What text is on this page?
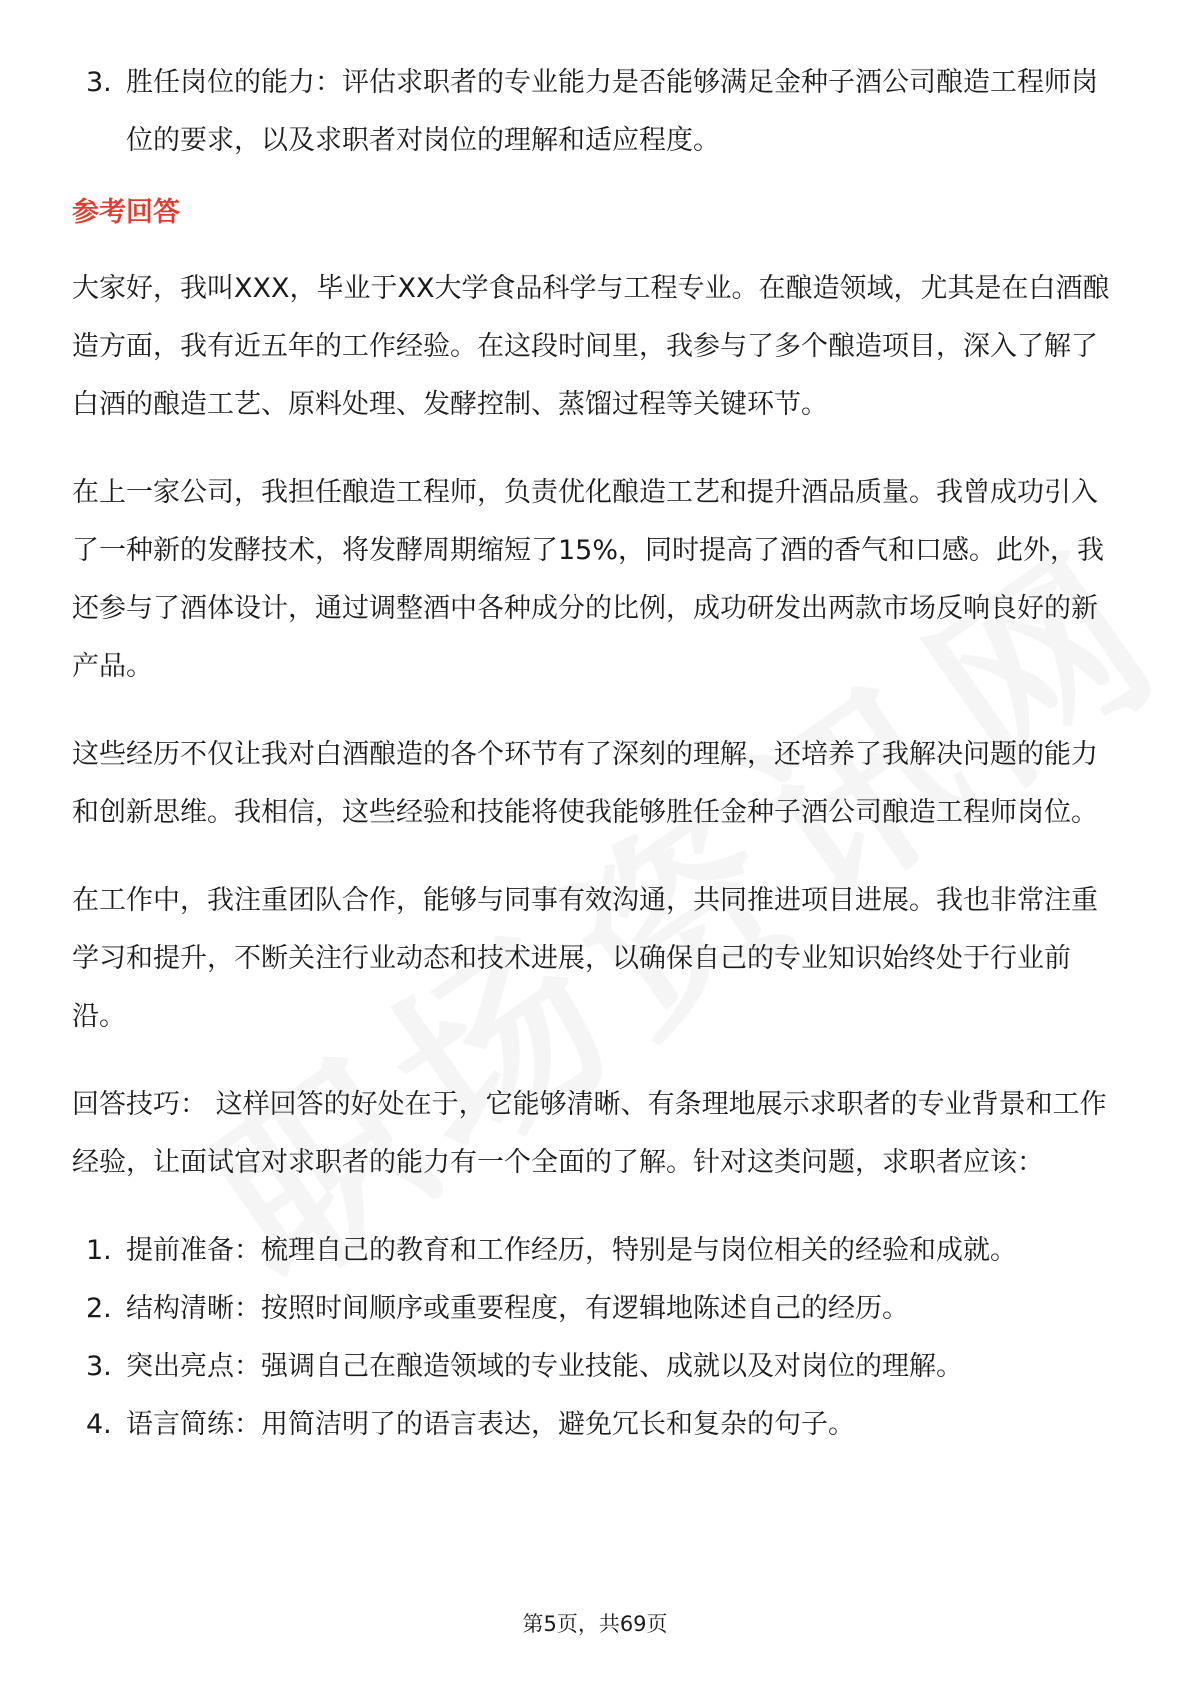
3. 胜任岗位的能力：评估求职者的专业能力是否能够满足金种子酒公司酿造工程师岗位的要求，以及求职者对岗位的理解和适应程度。
参考回答

大家好，我叫XXX，毕业于XX大学食品科学与工程专业。在酿造领域，尤其是在白酒酿造方面，我有近五年的工作经验。在这段时间里，我参与了多个酿造项目，深入了解了白酒的酿造工艺、原料处理、发酵控制、蒸馏过程等关键环节。

在上一家公司，我担任酿造工程师，负责优化酿造工艺和提升酒品质量。我曾成功引入了一种新的发酵技术，将发酵周期缩短了15%，同时提高了酒的香气和口感。此外，我还参与了酒体设计，通过调整酒中各种成分的比例，成功研发出两款市场反响良好的新产品。

这些经历不仅让我对白酒酿造的各个环节有了深刻的理解，还培养了我解决问题的能力和创新思维。我相信，这些经验和技能将使我能够胜任金种子酒公司酿造工程师岗位。

在工作中，我注重团队合作，能够与同事有效沟通，共同推进项目进展。我也非常注重学习和提升，不断关注行业动态和技术进展，以确保自己的专业知识始终处于行业前沿。

回答技巧： 这样回答的好处在于，它能够清晰、有条理地展示求职者的专业背景和工作经验，让面试官对求职者的能力有一个全面的了解。针对这类问题，求职者应该：

1. 提前准备：梳理自己的教育和工作经历，特别是与岗位相关的经验和成就。
2. 结构清晰：按照时间顺序或重要程度，有逻辑地陈述自己的经历。
3. 突出亮点：强调自己在酿造领域的专业技能、成就以及对岗位的理解。
4. 语言简练：用简洁明了的语言表达，避免冗长和复杂的句子。
第5页，共69页
